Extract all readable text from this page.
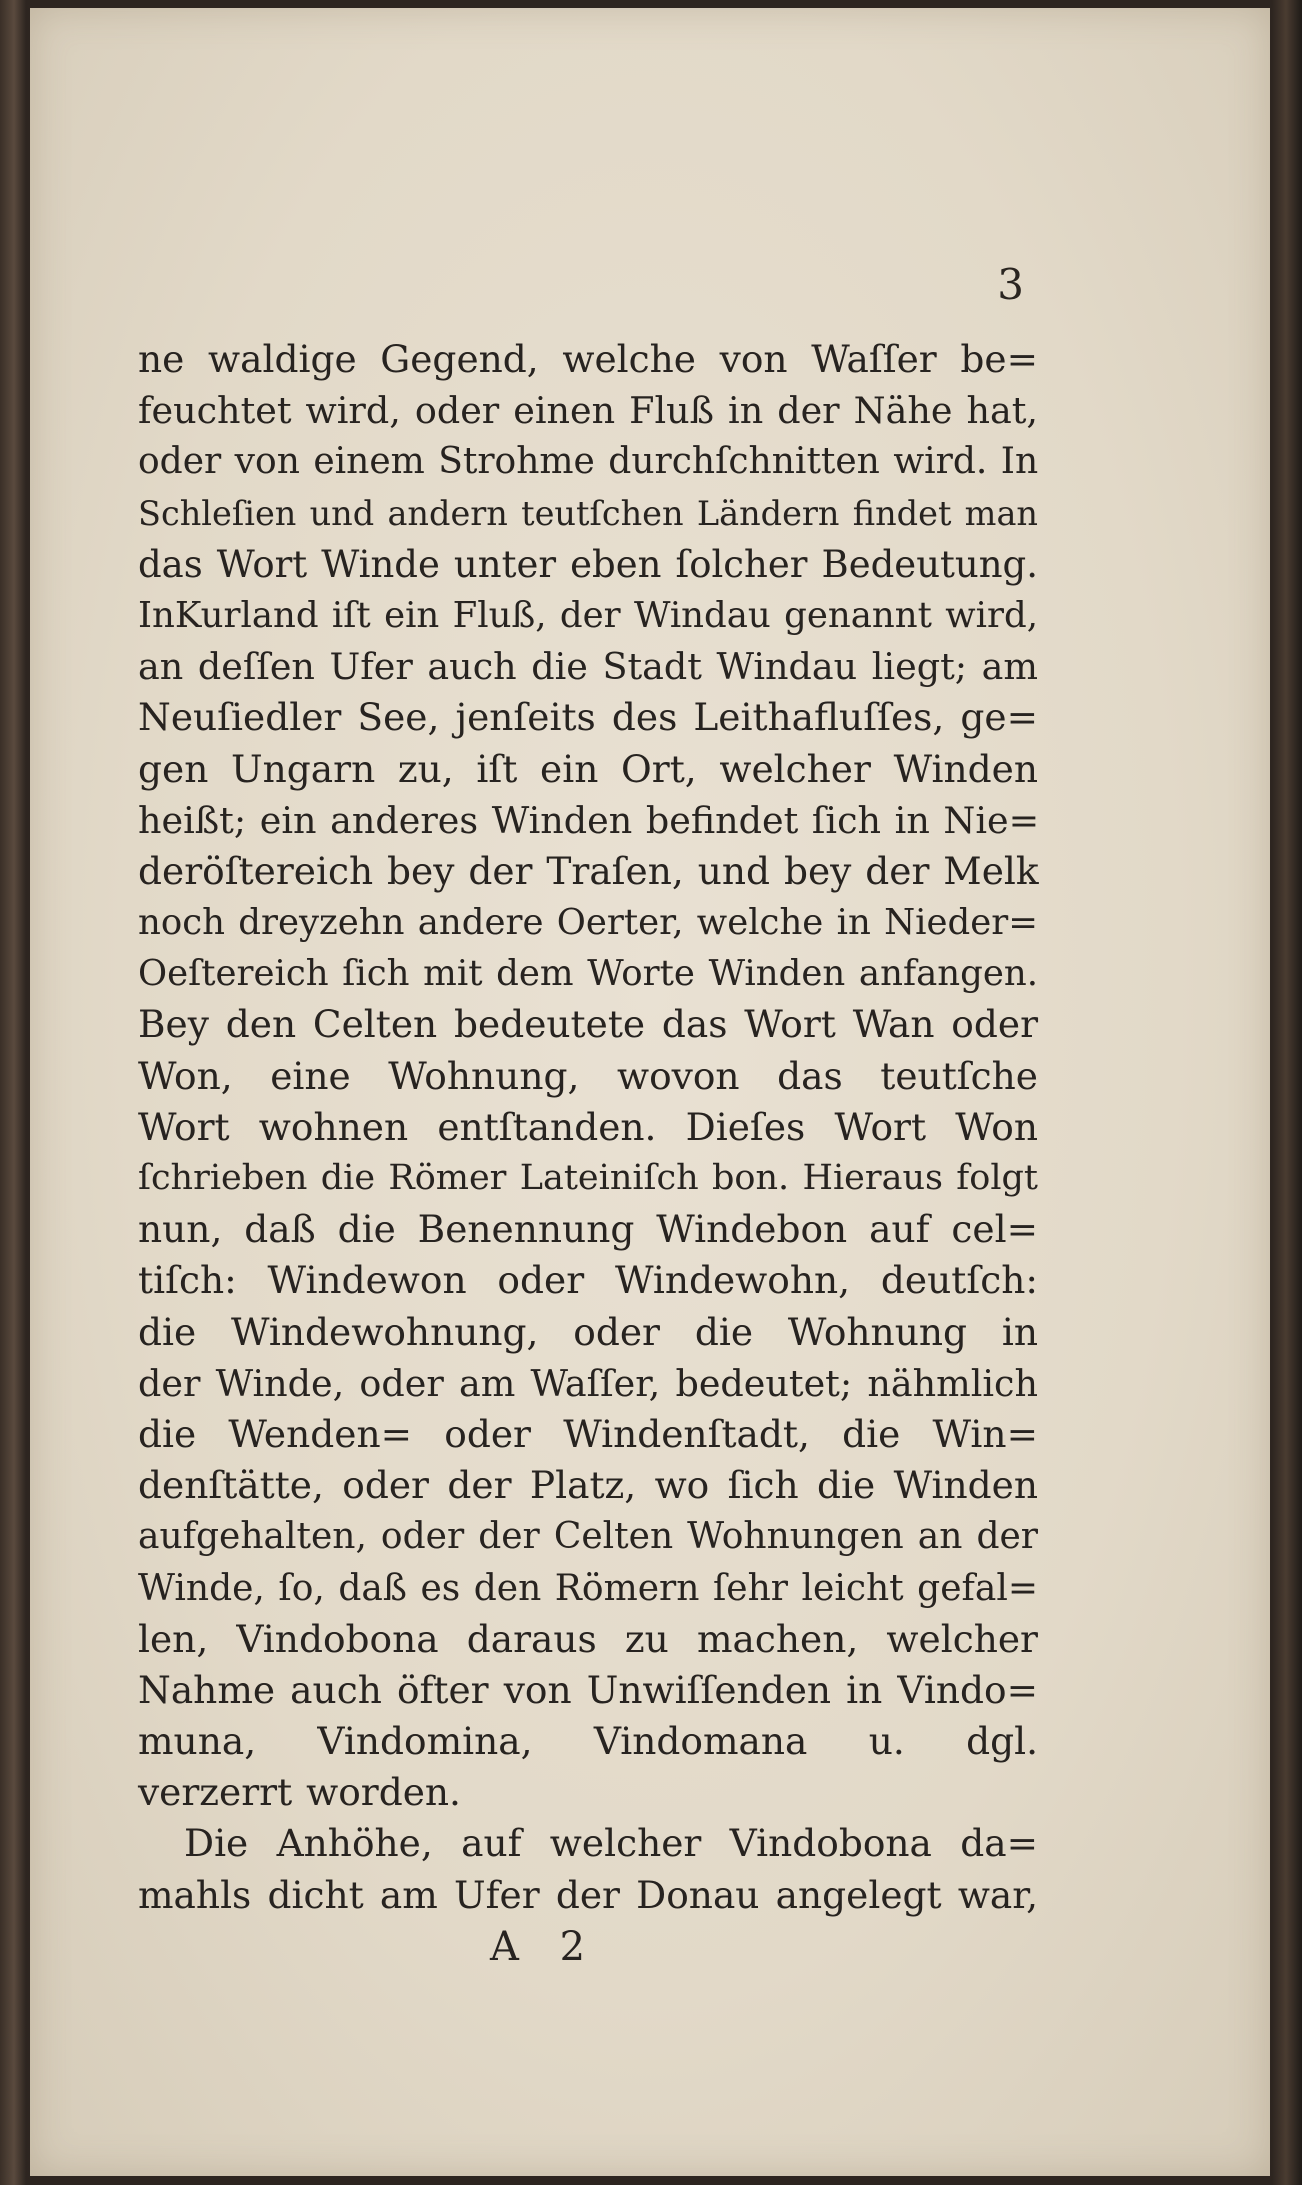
3
ne waldige Gegend, welche von Waſſer be=
feuchtet wird, oder einen Fluß in der Nähe hat,
oder von einem Strohme durchſchnitten wird. In
Schleſien und andern teutſchen Ländern findet man
das Wort Winde unter eben ſolcher Bedeutung.
InKurland iſt ein Fluß, der Windau genannt wird,
an deſſen Ufer auch die Stadt Windau liegt; am
Neuſiedler See, jenſeits des Leithafluſſes, ge=
gen Ungarn zu, iſt ein Ort, welcher Winden
heißt; ein anderes Winden befindet ſich in Nie=
deröſtereich bey der Traſen, und bey der Melk
noch dreyzehn andere Oerter, welche in Nieder=
Oeſtereich ſich mit dem Worte Winden anfangen.
Bey den Celten bedeutete das Wort Wan oder
Won, eine Wohnung, wovon das teutſche
Wort wohnen entſtanden. Dieſes Wort Won
ſchrieben die Römer Lateiniſch bon. Hieraus folgt
nun, daß die Benennung Windebon auf cel=
tiſch: Windewon oder Windewohn, deutſch:
die Windewohnung, oder die Wohnung in
der Winde, oder am Waſſer, bedeutet; nähmlich
die Wenden= oder Windenſtadt, die Win=
denſtätte, oder der Platz, wo ſich die Winden
aufgehalten, oder der Celten Wohnungen an der
Winde, ſo, daß es den Römern ſehr leicht gefal=
len, Vindobona daraus zu machen, welcher
Nahme auch öfter von Unwiſſenden in Vindo=
muna, Vindomina, Vindomana u. dgl.
verzerrt worden.
Die Anhöhe, auf welcher Vindobona da=
mahls dicht am Ufer der Donau angelegt war,
A 2
